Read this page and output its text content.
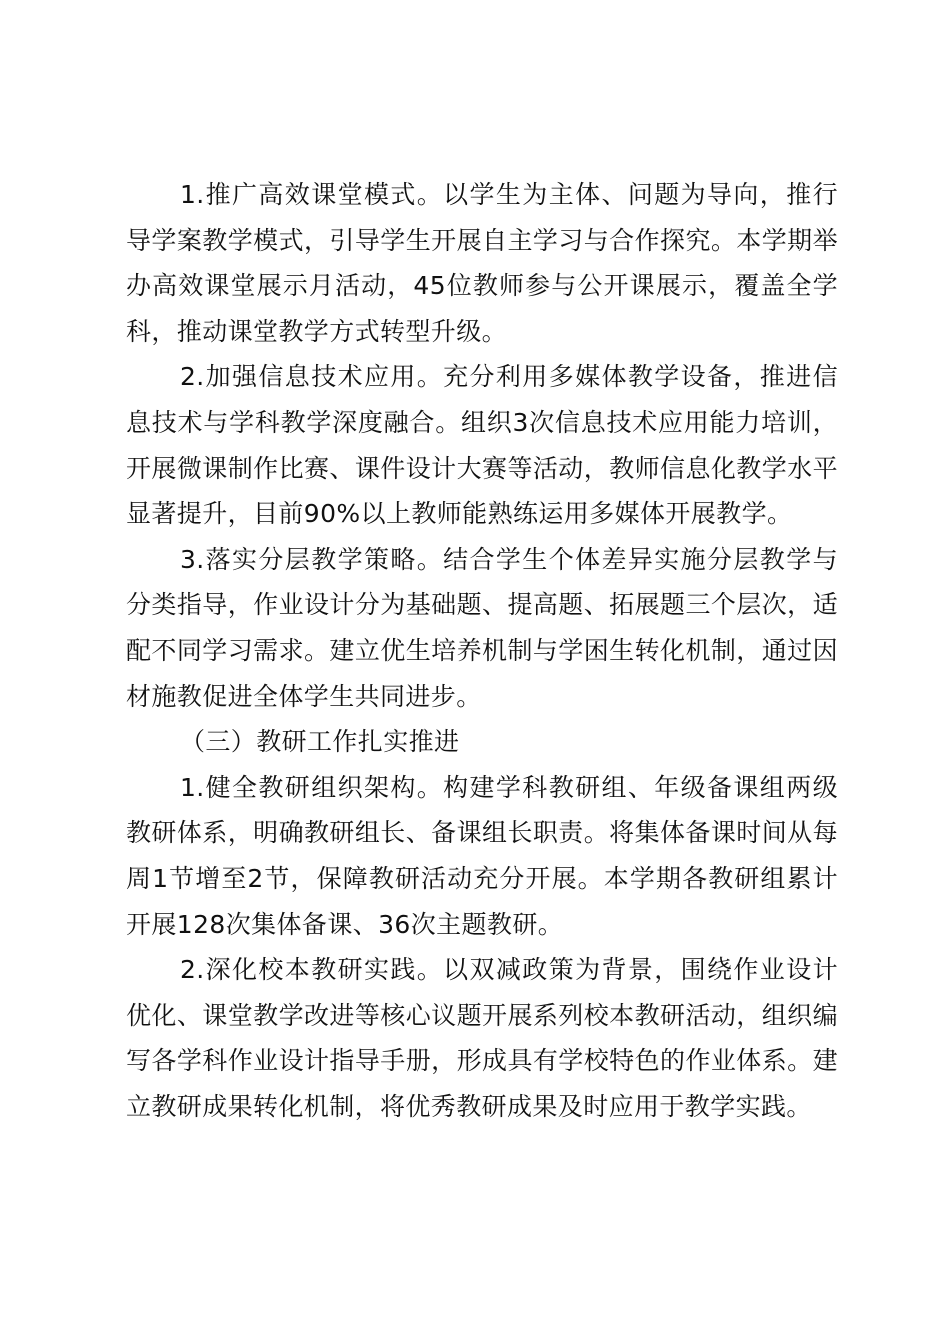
1.推广高效课堂模式。以学生为主体、问题为导向，推行导学案教学模式，引导学生开展自主学习与合作探究。本学期举办高效课堂展示月活动，45位教师参与公开课展示，覆盖全学科，推动课堂教学方式转型升级。

2.加强信息技术应用。充分利用多媒体教学设备，推进信息技术与学科教学深度融合。组织3次信息技术应用能力培训，开展微课制作比赛、课件设计大赛等活动，教师信息化教学水平显著提升，目前90%以上教师能熟练运用多媒体开展教学。

3.落实分层教学策略。结合学生个体差异实施分层教学与分类指导，作业设计分为基础题、提高题、拓展题三个层次，适配不同学习需求。建立优生培养机制与学困生转化机制，通过因材施教促进全体学生共同进步。

（三）教研工作扎实推进

1.健全教研组织架构。构建学科教研组、年级备课组两级教研体系，明确教研组长、备课组长职责。将集体备课时间从每周1节增至2节，保障教研活动充分开展。本学期各教研组累计开展128次集体备课、36次主题教研。

2.深化校本教研实践。以双减政策为背景，围绕作业设计优化、课堂教学改进等核心议题开展系列校本教研活动，组织编写各学科作业设计指导手册，形成具有学校特色的作业体系。建立教研成果转化机制，将优秀教研成果及时应用于教学实践。
